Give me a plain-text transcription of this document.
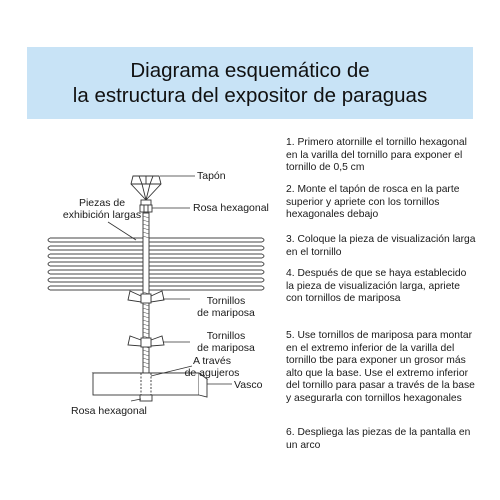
Diagrama esquemático de
la estructura del expositor de paraguas
Tapón
Piezas de
exhibición largas
Rosa hexagonal
Tornillos
de mariposa
Tornillos
de mariposa
A través
de agujeros
Vasco
Rosa hexagonal
1. Primero atornille el tornillo hexagonal en la varilla del tornillo para exponer el tornillo de 0,5 cm
2. Monte el tapón de rosca en la parte superior y apriete con los tornillos hexagonales debajo
3. Coloque la pieza de visualización larga en el tornillo
4. Después de que se haya establecido la pieza de visualización larga, apriete con tornillos de mariposa
5. Use tornillos de mariposa para montar en el extremo inferior de la varilla del tornillo tbe para exponer un grosor más alto que la base. Use el extremo inferior del tornillo para pasar a través de la base y asegurarla con tornillos hexagonales
6. Despliega las piezas de la pantalla en un arco
